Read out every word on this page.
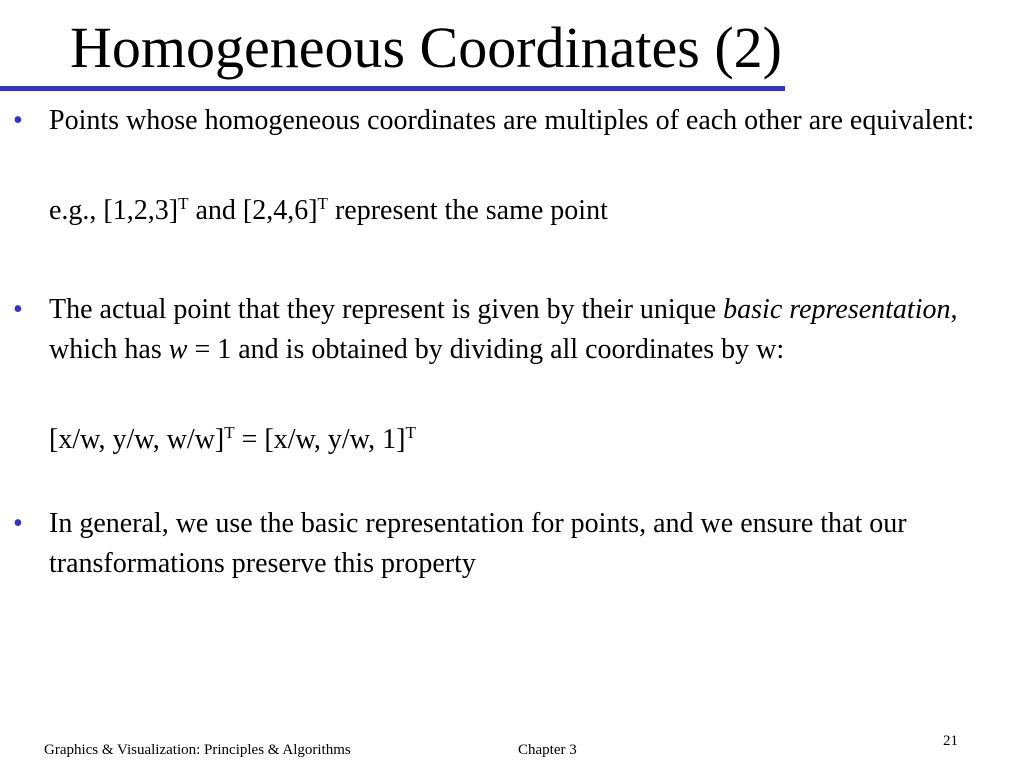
Homogeneous Coordinates (2)

• Points whose homogeneous coordinates are multiples of each other are equivalent:

e.g., $[1,2,3]^T$ and $[2,4,6]^T$ represent the same point

• The actual point that they represent is given by their unique basic representation, which has w = 1 and is obtained by dividing all coordinates by w:

[x/w, y/w, w/w]$^T$ = [x/w, y/w, 1]$^T$

• In general, we use the basic representation for points, and we ensure that our transformations preserve this property

Graphics & Visualization: Principles & Algorithms	Chapter 3
21
